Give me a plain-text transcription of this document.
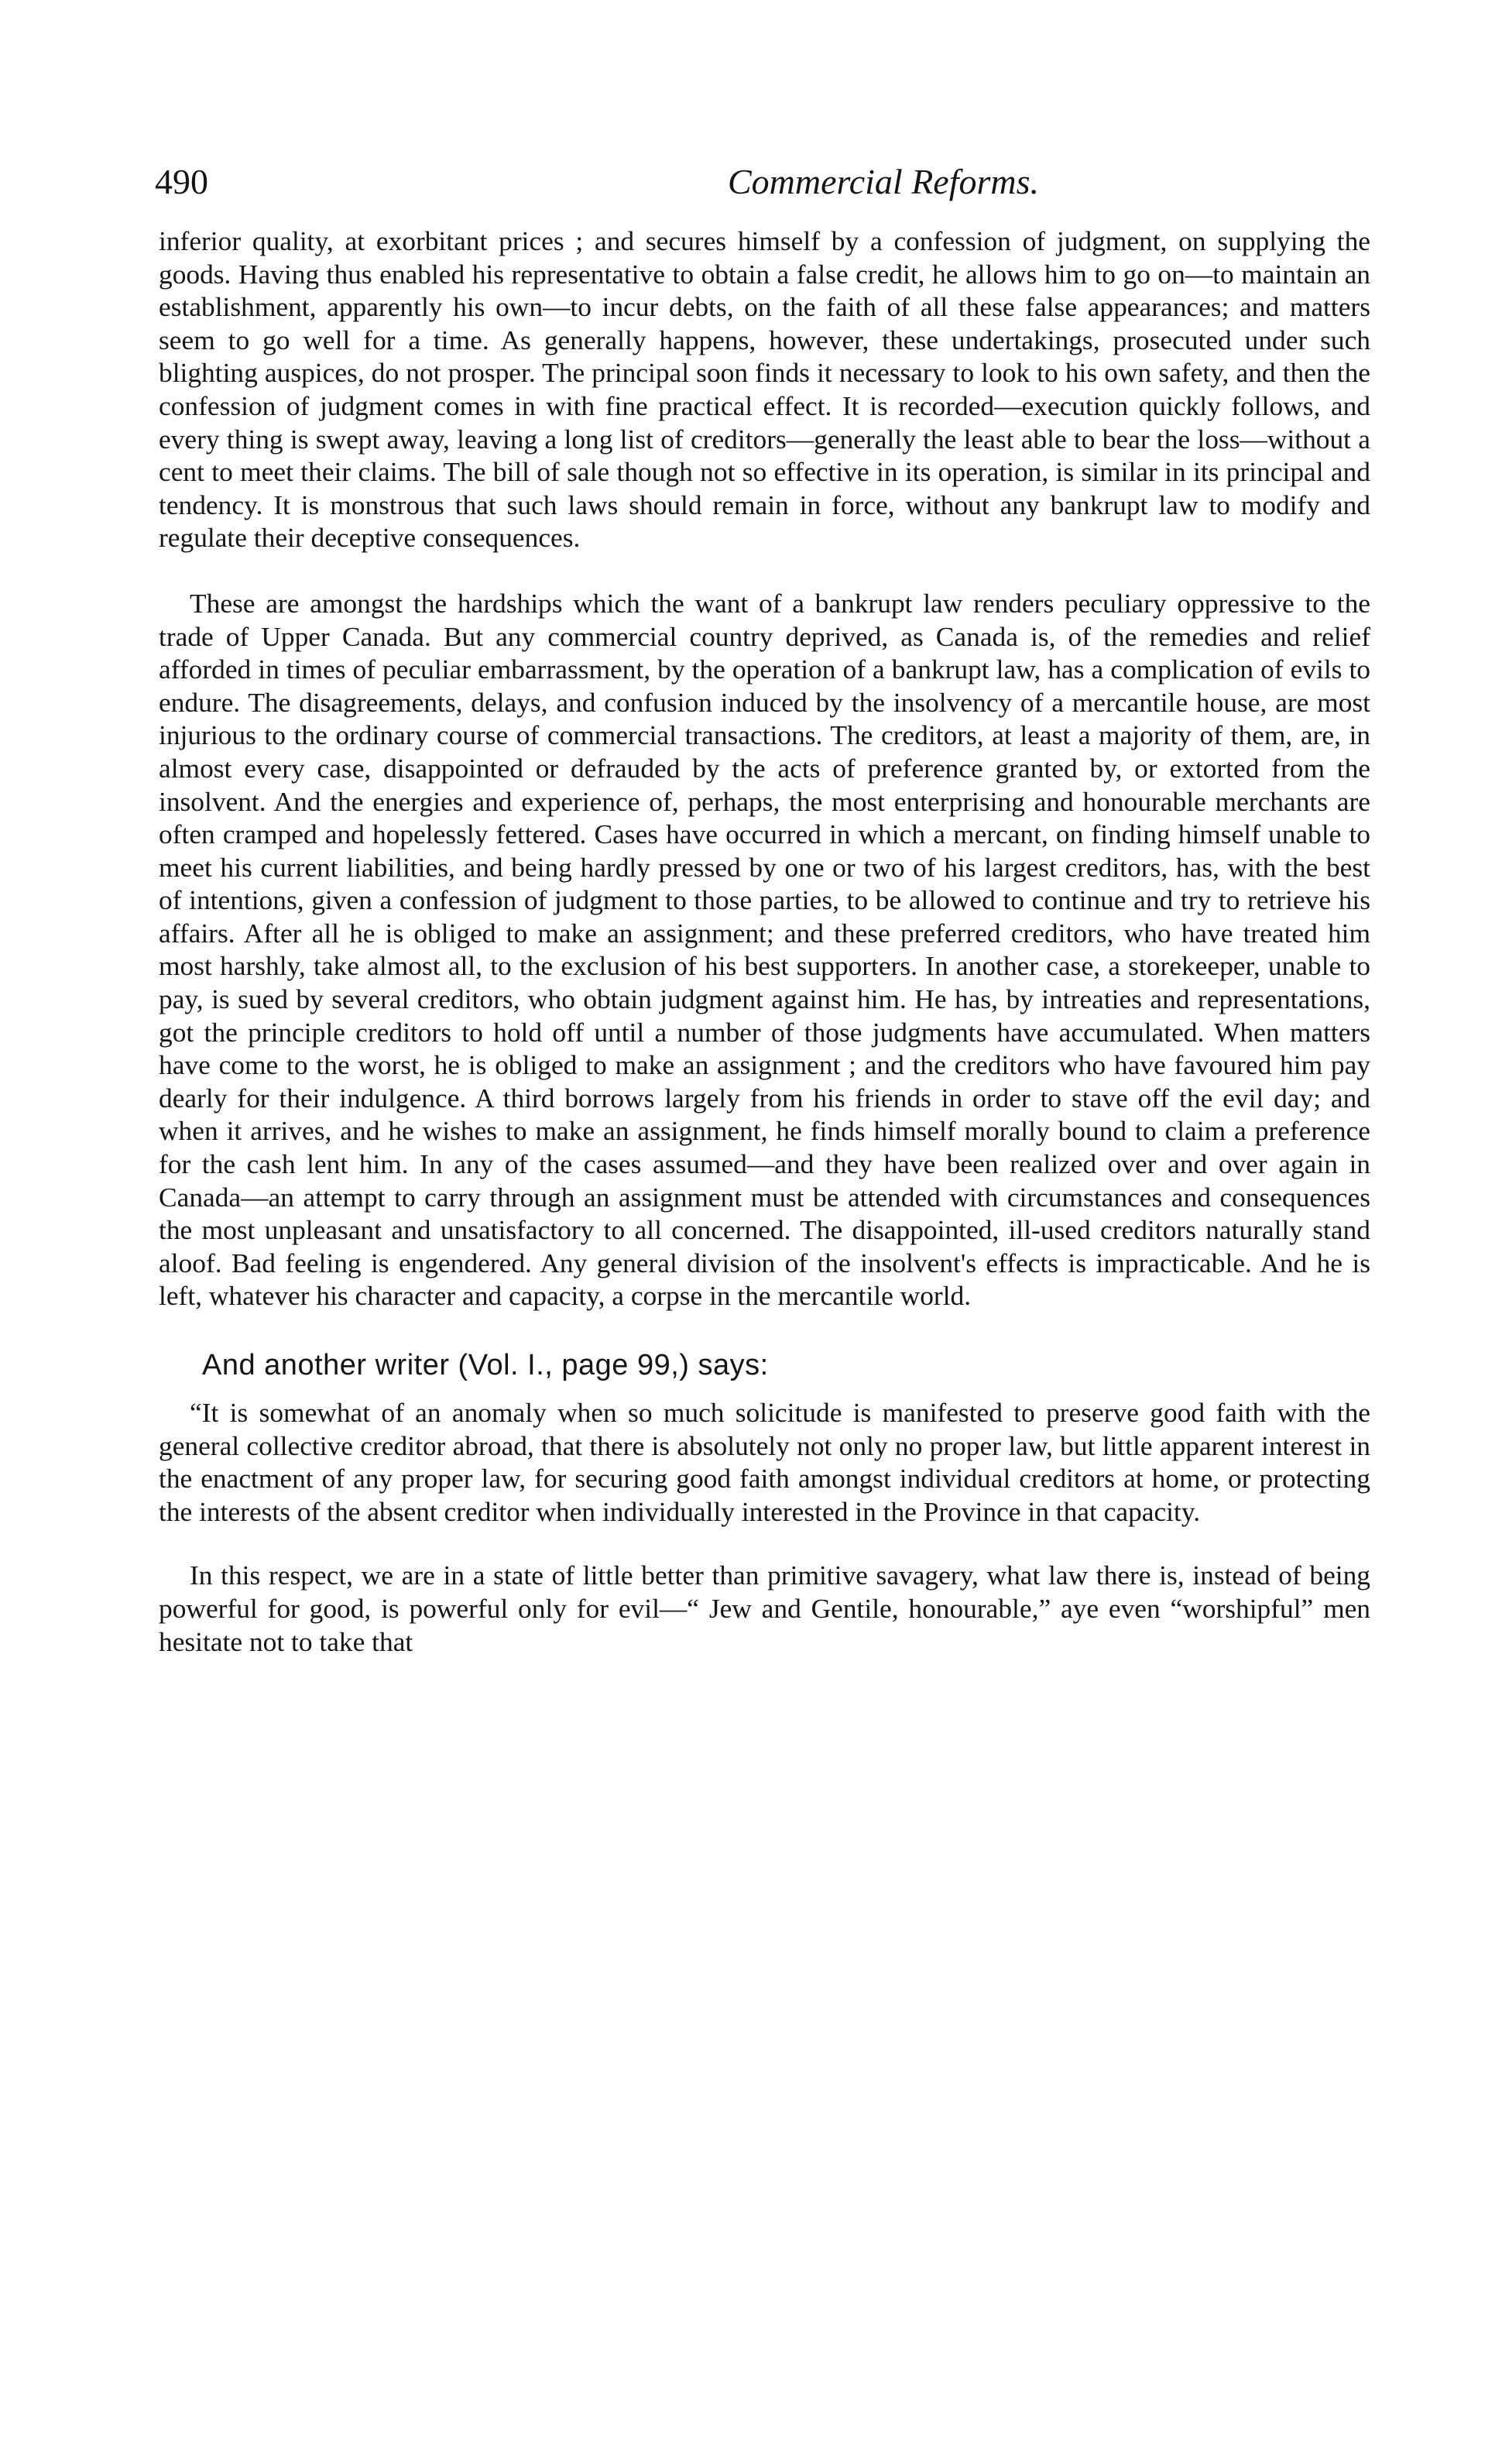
490	Commercial Reforms.

inferior quality, at exorbitant prices ; and secures himself by a confession of judgment, on supplying the goods. Having thus enabled his representative to obtain a false credit, he allows him to go on—to maintain an establishment, apparently his own—to incur debts, on the faith of all these false appearances; and matters seem to go well for a time. As generally happens, however, these undertakings, prosecuted under such blighting auspices, do not prosper. The principal soon finds it necessary to look to his own safety, and then the confession of judgment comes in with fine practical effect. It is recorded—execution quickly follows, and every thing is swept away, leaving a long list of creditors—generally the least able to bear the loss—without a cent to meet their claims. The bill of sale though not so effective in its operation, is similar in its principal and tendency. It is monstrous that such laws should remain in force, without any bankrupt law to modify and regulate their deceptive consequences.

These are amongst the hardships which the want of a bankrupt law renders peculiary oppressive to the trade of Upper Canada. But any commercial country deprived, as Canada is, of the remedies and relief afforded in times of peculiar embarrassment, by the operation of a bankrupt law, has a complication of evils to endure. The disagreements, delays, and confusion induced by the insolvency of a mercantile house, are most injurious to the ordinary course of commercial transactions. The creditors, at least a majority of them, are, in almost every case, disappointed or defrauded by the acts of preference granted by, or extorted from the insolvent. And the energies and experience of, perhaps, the most enterprising and honourable merchants are often cramped and hopelessly fettered. Cases have occurred in which a mercant, on finding himself unable to meet his current liabilities, and being hardly pressed by one or two of his largest creditors, has, with the best of intentions, given a confession of judgment to those parties, to be allowed to continue and try to retrieve his affairs. After all he is obliged to make an assignment; and these preferred creditors, who have treated him most harshly, take almost all, to the exclusion of his best supporters. In another case, a storekeeper, unable to pay, is sued by several creditors, who obtain judgment against him. He has, by intreaties and representations, got the principle creditors to hold off until a number of those judgments have accumulated. When matters have come to the worst, he is obliged to make an assignment ; and the creditors who have favoured him pay dearly for their indulgence. A third borrows largely from his friends in order to stave off the evil day; and when it arrives, and he wishes to make an assignment, he finds himself morally bound to claim a preference for the cash lent him. In any of the cases assumed—and they have been realized over and over again in Canada—an attempt to carry through an assignment must be attended with circumstances and consequences the most unpleasant and unsatisfactory to all concerned. The disappointed, ill-used creditors naturally stand aloof. Bad feeling is engendered. Any general division of the insolvent's effects is impracticable. And he is left, whatever his character and capacity, a corpse in the mercantile world.

And another writer (Vol. I., page 99,) says:

“It is somewhat of an anomaly when so much solicitude is manifested to preserve good faith with the general collective creditor abroad, that there is absolutely not only no proper law, but little apparent interest in the enactment of any proper law, for securing good faith amongst individual creditors at home, or protecting the interests of the absent creditor when individually interested in the Province in that capacity.

In this respect, we are in a state of little better than primitive savagery, what law there is, instead of being powerful for good, is powerful only for evil—“ Jew and Gentile, honourable,” aye even “worshipful” men hesitate not to take that
